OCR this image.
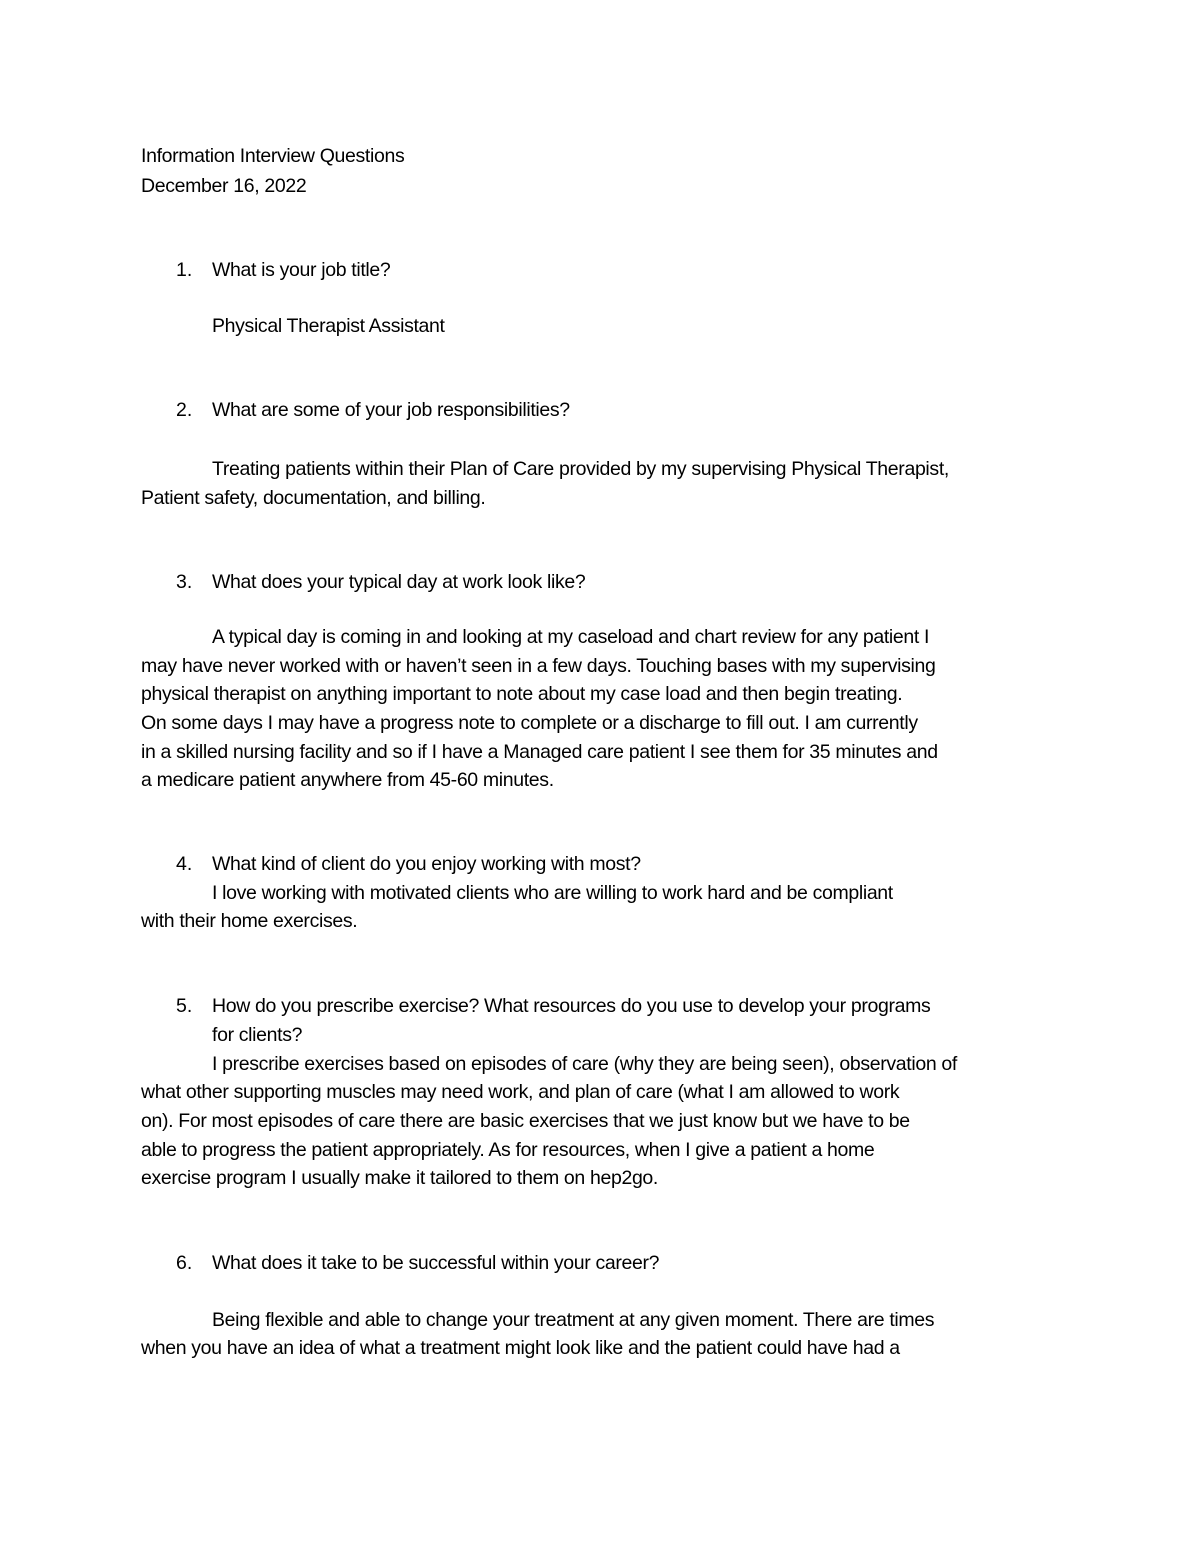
Information Interview Questions
December 16, 2022
1. What is your job title?
Physical Therapist Assistant
2. What are some of your job responsibilities?
Treating patients within their Plan of Care provided by my supervising Physical Therapist,
Patient safety, documentation, and billing.
3. What does your typical day at work look like?
A typical day is coming in and looking at my caseload and chart review for any patient I
may have never worked with or haven’t seen in a few days. Touching bases with my supervising
physical therapist on anything important to note about my case load and then begin treating.
On some days I may have a progress note to complete or a discharge to fill out. I am currently
in a skilled nursing facility and so if I have a Managed care patient I see them for 35 minutes and
a medicare patient anywhere from 45-60 minutes.
4. What kind of client do you enjoy working with most?
I love working with motivated clients who are willing to work hard and be compliant
with their home exercises.
5. How do you prescribe exercise? What resources do you use to develop your programs
for clients?
I prescribe exercises based on episodes of care (why they are being seen), observation of
what other supporting muscles may need work, and plan of care (what I am allowed to work
on). For most episodes of care there are basic exercises that we just know but we have to be
able to progress the patient appropriately. As for resources, when I give a patient a home
exercise program I usually make it tailored to them on hep2go.
6. What does it take to be successful within your career?
Being flexible and able to change your treatment at any given moment. There are times
when you have an idea of what a treatment might look like and the patient could have had a
